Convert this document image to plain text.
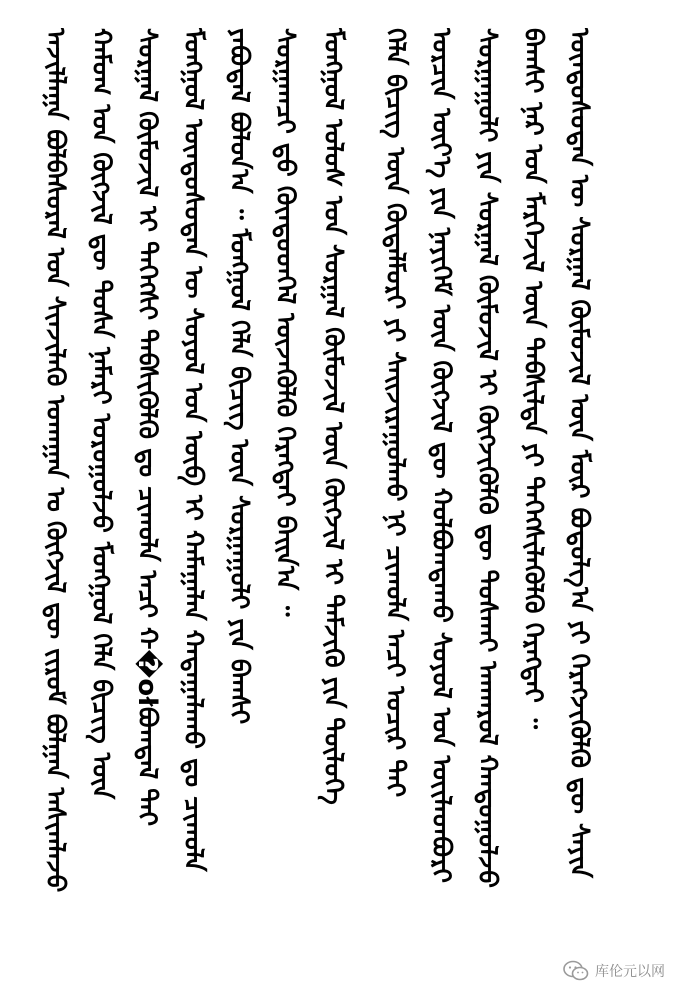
ᠠᠵᠢᠯᠯᠠᠭᠠ ᠪᠣᠯᠪᠠᠰᠤᠷᠠᠯ ᠤᠨ ᠰᠢᠨᠵᠢᠯᠡᠬᠦ ᠤᠬᠠᠭᠠᠨ ᠤ ᠬᠥᠭᠵᠢᠯ ᠳᠦ ᠵᠢᠷᠤᠮ ᠪᠣᠯᠭᠠᠨ ᠠᠰᠢᠭᠯᠠᠵᠤ ᠬᠠᠮᠤᠭ ᠤᠨ ᠬᠥᠭᠵᠢᠯ ᠳᠦ ᠲᠤᠰᠠ ᠨᠡᠮᠡᠷᠢ ᠣᠷᠤᠭᠤᠯᠵᠤ ᠮᠣᠩᠭᠣᠯ ᠬᠡᠯᠡ ᠪᠢᠴᠢᠭ ᠦᠨ ᠰᠤᠷᠭᠠᠯ ᠬᠦᠮᠦᠵᠢᠯ ᠢ ᠳᠡᠭᠡᠭᠰᠢ ᠳᠡᠪᠰᠢᠭᠦᠯᠬᠦ ᠳᠤ ᠴᠢᠬᠤᠯᠠ ᠠᠴᠢ ᠬ�ołᠪᠣᠭᠳᠠᠯ ᠲᠠᠢ ᠮᠣᠩᠭᠣᠯ ᠦᠨᠳᠦᠰᠦᠲᠡᠨ ᠦ ᠰᠣᠶᠣᠯ ᠤᠨ ᠥᠪ ᠢ ᠬᠠᠮᠠᠭᠠᠯᠠᠨ ᠬᠠᠳᠠᠭᠠᠯᠠᠬᠤ ᠳᠤ ᠴᠢᠬᠤᠯᠠ ᠶᠠᠪᠤᠳᠠᠯ ᠪᠣᠯᠤᠨ᠎ᠠ ᠃ ᠮᠣᠩᠭᠣᠯ ᠬᠡᠯᠡ ᠪᠢᠴᠢᠭ ᠦᠨ ᠰᠤᠷᠭᠠᠭᠤᠯᠢ ᠶᠢᠨ ᠪᠠᠭᠰᠢ ᠰᠤᠷᠭᠠᠭᠴᠢ ᠳ᠋ᠤ ᠬᠦᠨᠳᠦᠳᠬᠡᠯ ᠦᠵᠡᠭᠦᠯᠬᠦ ᠬᠡᠷᠡᠭᠲᠡᠢ ᠪᠠᠢᠨ᠎ᠠ ᠃ ᠮᠣᠩᠭᠣᠯ ᠤᠯᠤᠰ ᠤᠨ ᠰᠤᠷᠭᠠᠯ ᠬᠦᠮᠦᠵᠢᠯ ᠦᠨ ᠬᠥᠭᠵᠢᠯ ᠢ ᠳᠡᠮᠵᠢᠬᠦ ᠶᠢᠨ ᠲᠥᠯᠥᠭᠡ ᠬᠡᠯᠡ ᠪᠢᠴᠢᠭ ᠦᠨ ᠬᠥᠳᠡᠯᠮᠦᠷᠢ ᠶᠢ ᠰᠠᠢᠵᠢᠷᠠᠭᠤᠯᠬᠤ ᠨᠢ ᠴᠢᠬᠤᠯᠠ ᠠᠴᠢ ᠤᠴᠢᠷ ᠲᠠᠢ ᠣᠷᠴᠢᠨ ᠦᠶ᠎ᠡ ᠶᠢᠨ ᠨᠡᠶᠢᠭᠡᠮ ᠦᠨ ᠬᠥᠭᠵᠢᠯ ᠳᠦ ᠬᠣᠯᠪᠣᠭᠳᠠᠬᠤ ᠰᠣᠶᠣᠯ ᠤᠨ ᠦᠢᠯᠡᠳᠪᠦᠷᠢ ᠰᠤᠷᠭᠠᠭᠤᠯᠢ ᠶᠢᠨ ᠰᠤᠷᠭᠠᠯ ᠬᠦᠮᠦᠵᠢᠯ ᠢ ᠬᠥᠭᠵᠢᠭᠦᠯᠬᠦ ᠳᠦ ᠲᠤᠰᠬᠠᠢ ᠠᠨᠬᠠᠷᠤᠯ ᠬᠠᠨᠳᠤᠭᠤᠯᠵᠤ ᠪᠠᠭᠰᠢ ᠨᠠᠷ ᠤᠨ ᠮᠡᠷᠭᠡᠵᠢᠯ ᠦᠨ ᠳᠡᠪᠰᠢᠯᠲᠡ ᠶᠢ ᠳᠡᠭᠡᠭᠰᠢᠯᠡᠭᠦᠯᠬᠦ ᠬᠡᠷᠡᠭᠲᠡᠢ ᠃ ᠦᠨᠳᠦᠰᠦᠲᠡᠨ ᠦ ᠰᠤᠷᠭᠠᠯ ᠬᠦᠮᠦᠵᠢᠯ ᠦᠨ ᠮᠥᠷ ᠪᠤᠳᠤᠯᠭ᠎ᠠ ᠶᠢ ᠬᠡᠷᠡᠭᠵᠢᠭᠦᠯᠬᠦ ᠳᠦ ᠰᠠᠶᠢᠨ
库伦元以网
